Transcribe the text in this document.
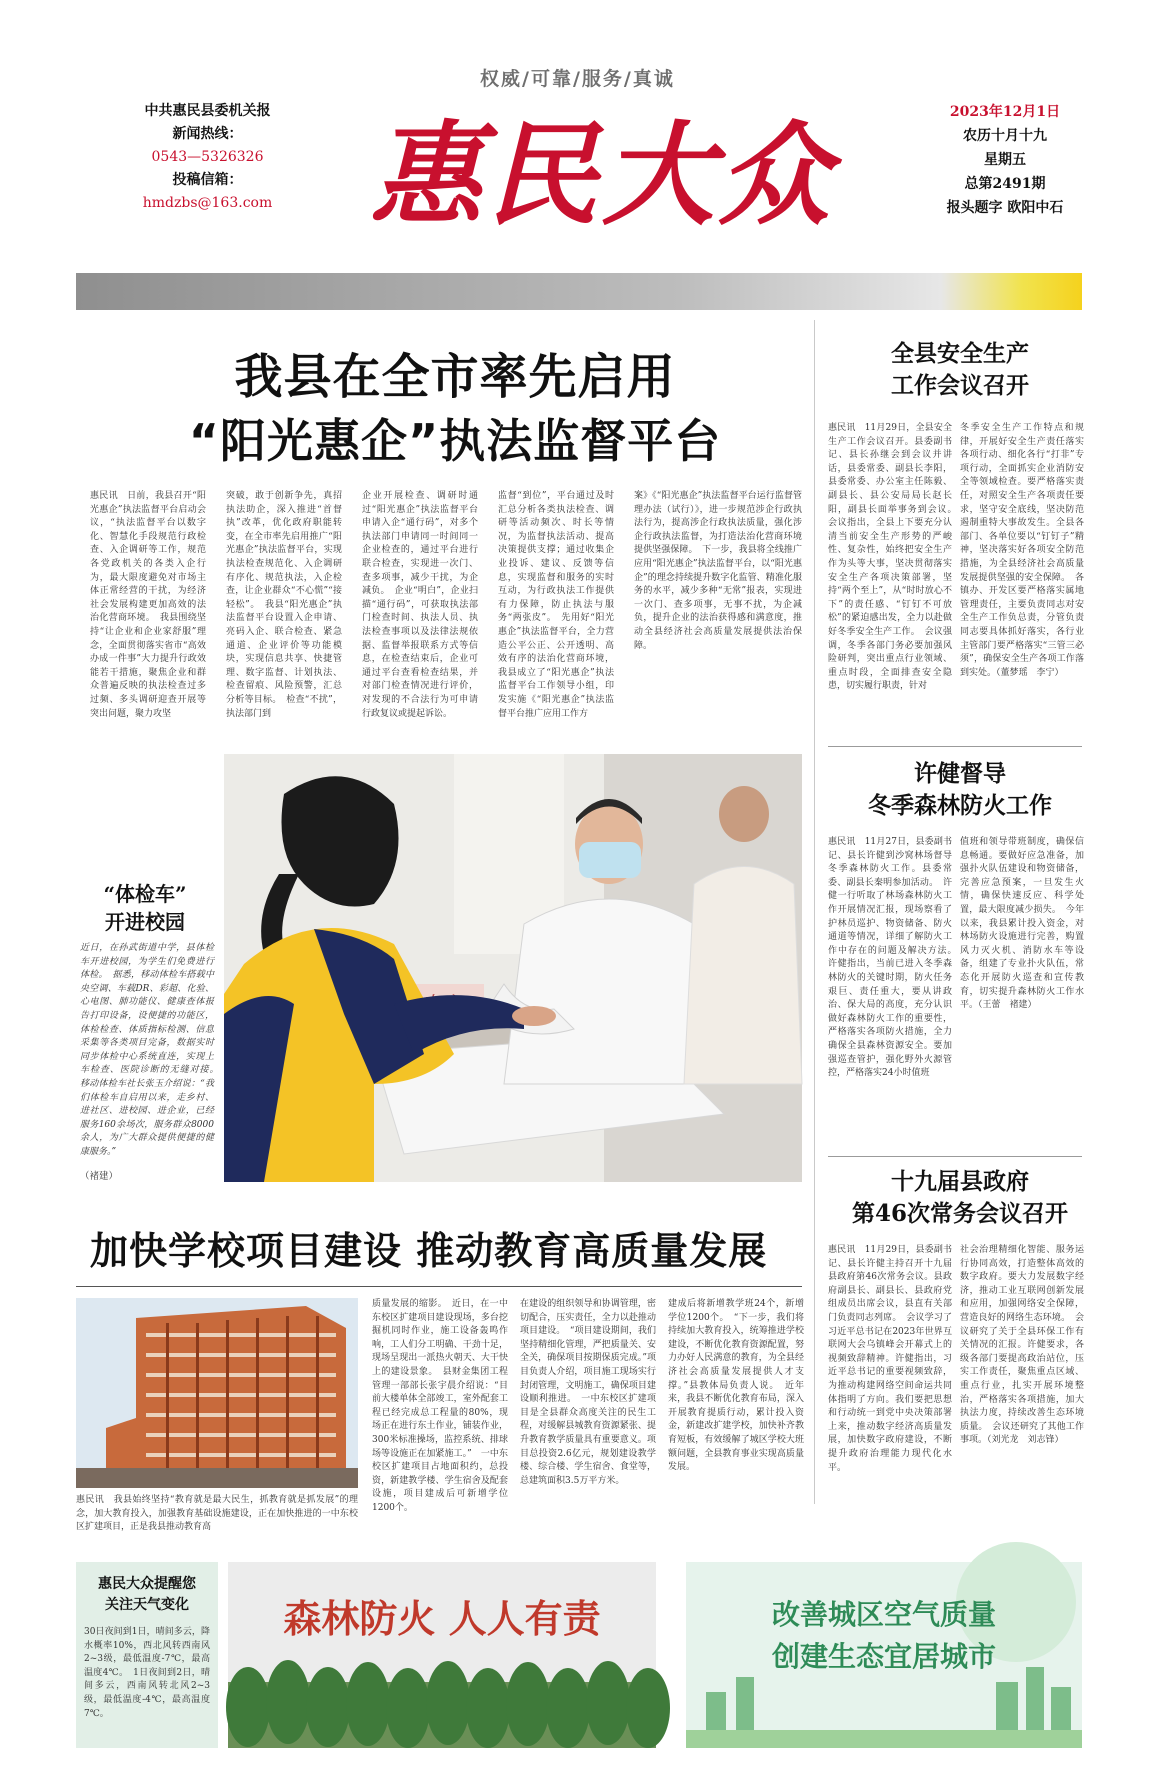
权威/可靠/服务/真诚
中共惠民县委机关报
新闻热线：
0543—5326326
投稿信箱：
hmdzbs@163.com 惠民大众	2023年12月1日
农历十月十九
星期五
总第2491期
报头题字 欧阳中石
我县在全市率先启用
“阳光惠企”执法监督平台
惠民讯　日前，我县召开“阳光惠企”执法监督平台启动会议，“执法监督平台以数字化、智慧化手段规范行政检查、入企调研等工作，规范各党政机关的各类入企行为，最大限度避免对市场主体正常经营的干扰，为经济社会发展构建更加高效的法治化营商环境。　我县围绕坚持“让企业和企业家舒服”理念，全面贯彻落实省市“高效办成一件事”大力提升行政效能若干措施，聚焦企业和群众普遍反映的执法检查过多过频、多头调研迎查开展等突出问题，聚力攻坚
突破，敢于创新争先，真招执法助企，深入推进“首督执”改革，优化政府职能转变，在全市率先启用推广“阳光惠企”执法监督平台，实现执法检查规范化、入企调研有序化、规范执法，入企检查，让企业群众“不心慌”“接轻松”。　我县“阳光惠企”执法监督平台设置入企申请、亮码入企、联合检查、紧急通道、企业评价等功能模块，实现信息共享、快捷管理、数字监督、计划执法、检查留痕、风险预警，汇总分析等目标。　检查“不扰”，执法部门到
企业开展检查、调研时通过“阳光惠企”执法监督平台申请入企“通行码”，对多个执法部门申请同一时间同一企业检查的，通过平台进行联合检查，实现进一次门、查多项事，减少干扰，为企减负。　企业“明白”，企业扫描“通行码”，可获取执法部门检查时间、执法人员、执法检查事项以及法律法规依据、监督举报联系方式等信息，在检查结束后，企业可通过平台查看检查结果，并对部门检查情况进行评价，对发现的不合法行为可申请行政复议或提起诉讼。
监督“到位”，平台通过及时汇总分析各类执法检查、调研等活动频次、时长等情况，为监督执法活动、提高决策提供支撑；通过收集企业投诉、建议、反馈等信息，实现监督和服务的实时互动，为行政执法工作提供有力保障，防止执法与服务“两张皮”。　先用好“阳光惠企”执法监督平台，全力营造公平公正、公开透明、高效有序的法治化营商环境，我县成立了“阳光惠企”执法监督平台工作领导小组，印发实施《“阳光惠企”执法监督平台推广应用工作方
案》《“阳光惠企”执法监督平台运行监督管理办法（试行）》，进一步规范涉企行政执法行为，提高涉企行政执法质量，强化涉企行政执法监督，为打造法治化营商环境提供坚强保障。　下一步，我县将全线推广应用“阳光惠企”执法监督平台，以“阳光惠企”的理念持续提升数字化监管、精准化服务的水平，减少多种“无常”报表，实现进一次门、查多项事，无事不扰，为企减负，提升企业的法治获得感和满意度，推动全县经济社会高质量发展提供法治保障。
全县安全生产
工作会议召开
惠民讯　11月29日，全县安全生产工作会议召开。县委副书记、县长孙继会到会议并讲话，县委常委、副县长李阳，县委常委、办公室主任陈毅、副县长、县公安局局长赵长阳，副县长面举事务到会议。　会议指出，全县上下要充分认清当前安全生产形势的严峻性、复杂性，始终把安全生产作为头等大事，坚决贯彻落实安全生产各项决策部署，坚持“两个至上”，从“时时放心不下”的责任感、“钉钉不可放松”的紧迫感出发，全力以赴做好冬季安全生产工作。　会议强调，冬季各部门务必要加强风险研判，突出重点行业领域、重点时段，全面排查安全隐患，切实履行职责，针对
冬季安全生产工作特点和规律，开展好安全生产责任落实各项行动、细化各行“打非”专项行动，全面抓实企业消防安全等领域检查。要严格落实责任，对照安全生产各项责任要求，坚守安全底线，坚决防范遏制重特大事故发生。全县各部门、各单位要以“钉钉子”精神，坚决落实好各项安全防范措施，为全县经济社会高质量发展提供坚强的安全保障。　各镇办、开发区要严格落实属地管理责任，主要负责同志对安全生产工作负总责，分管负责同志要具体抓好落实，各行业主管部门要严格落实“三管三必须”，确保安全生产各项工作落到实处。（董梦瑶　李宁）
许健督导
冬季森林防火工作
惠民讯　11月27日，县委副书记、县长许健到沙窝林场督导冬季森林防火工作。县委常委、副县长秦明参加活动。　许健一行听取了林场森林防火工作开展情况汇报，现场察看了护林员巡护、物资储备、防火通道等情况，详细了解防火工作中存在的问题及解决方法。　许健指出，当前已进入冬季森林防火的关键时期，防火任务艰巨、责任重大，要从讲政治、保大局的高度，充分认识做好森林防火工作的重要性，严格落实各项防火措施，全力确保全县森林资源安全。要加强巡查管护，强化野外火源管控，严格落实24小时值班
值班和领导带班制度，确保信息畅通。要做好应急准备，加强扑火队伍建设和物资储备，完善应急预案，一旦发生火情，确保快速反应、科学处置，最大限度减少损失。　今年以来，我县累计投入资金，对林场防火设施进行完善，购置风力灭火机、消防水车等设备，组建了专业扑火队伍，常态化开展防火巡查和宣传教育，切实提升森林防火工作水平。（王蕾　褚建）
十九届县政府
第46次常务会议召开
惠民讯　11月29日，县委副书记、县长许健主持召开十九届县政府第46次常务会议。县政府副县长、副县长、县政府党组成员出席会议，县直有关部门负责同志列席。　会议学习了习近平总书记在2023年世界互联网大会乌镇峰会开幕式上的视频致辞精神。许健指出，习近平总书记的重要视频致辞，为推动构建网络空间命运共同体指明了方向。我们要把思想和行动统一到党中央决策部署上来，推动数字经济高质量发展，加快数字政府建设，不断提升政府治理能力现代化水平。
社会治理精细化智能、服务运行协同高效，打造整体高效的数字政府。要大力发展数字经济，推动工业互联网创新发展和应用，加强网络安全保障，营造良好的网络生态环境。　会议研究了关于全县环保工作有关情况的汇报。许健要求，各级各部门要提高政治站位，压实工作责任，聚焦重点区域、重点行业，扎实开展环境整治，严格落实各项措施，加大执法力度，持续改善生态环境质量。　会议还研究了其他工作事项。（刘光龙　刘志锋）
“体检车”
开进校园
近日，在孙武街道中学，县体检车开进校园，为学生们免费进行体检。　据悉，移动体检车搭载中央空调、车载DR、彩超、化验、心电图、肺功能仪、健康查体报告打印设备，设便捷的功能区，体检检查、体质指标检测、信息采集等各类项目完备，数据实时同步体检中心系统直连，实现上车检查、医院诊断的无缝对接。　移动体检车社长张玉介绍说：“我们体检车自启用以来，走乡村、进社区、进校园、进企业，已经服务160余场次，服务群众8000余人，为广大群众提供便捷的健康服务。”
（褚建）
加快学校项目建设 推动教育高质量发展
惠民讯　我县始终坚持“教育就是最大民生，抓教育就是抓发展”的理念，加大教育投入，加强教育基础设施建设，正在加快推进的一中东校区扩建项目，正是我县推动教育高
质量发展的缩影。　近日，在一中东校区扩建项目建设现场，多台挖掘机同时作业，施工设备轰鸣作响，工人们分工明确、干劲十足，现场呈现出一派热火朝天、大干快上的建设景象。　县财金集团工程管理一部部长张宇晨介绍说：“目前大楼单体全部竣工，室外配套工程已经完成总工程量的80%，现场正在进行东土作业，铺装作业，300米标准操场，监控系统、排球场等设施正在加紧施工。”　一中东校区扩建项目占地面积约，总投资，新建教学楼、学生宿舍及配套设施，项目建成后可新增学位1200个。
在建设的组织领导和协调管理，密切配合，压实责任，全力以赴推动项目建设。　“项目建设期间，我们坚持精细化管理，严把质量关、安全关，确保项目按期保质完成。”项目负责人介绍，项目施工现场实行封闭管理，文明施工，确保项目建设顺利推进。　一中东校区扩建项目是全县群众高度关注的民生工程，对缓解县城教育资源紧张、提升教育教学质量具有重要意义。项目总投资2.6亿元，规划建设教学楼、综合楼、学生宿舍、食堂等，总建筑面积3.5万平方米。
建成后将新增教学班24个，新增学位1200个。　“下一步，我们将持续加大教育投入，统筹推进学校建设，不断优化教育资源配置，努力办好人民满意的教育，为全县经济社会高质量发展提供人才支撑。”县教体局负责人说。　近年来，我县不断优化教育布局，深入开展教育提质行动，累计投入资金，新建改扩建学校，加快补齐教育短板，有效缓解了城区学校大班额问题，全县教育事业实现高质量发展。
惠民大众提醒您
关注天气变化
30日夜间到1日，晴间多云，降水概率10%，西北风转西南风2~3级，最低温度-7℃，最高温度4℃。　1日夜间到2日，晴间多云，西南风转北风2~3级，最低温度-4℃，最高温度7℃。
森林防火 人人有责	改善城区空气质量
创建生态宜居城市
